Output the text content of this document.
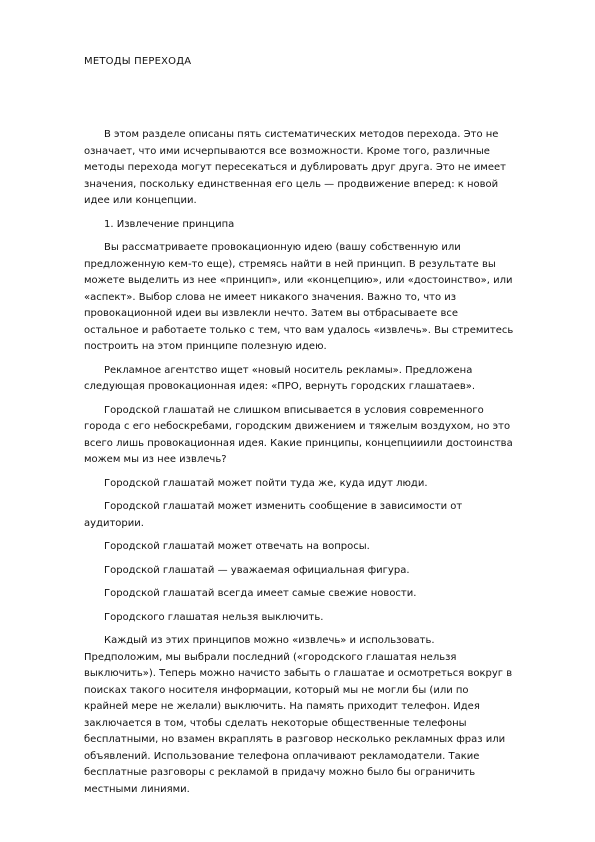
МЕТОДЫ ПЕРЕХОДА

В этом разделе описаны пять систематических методов перехода. Это не означает, что ими исчерпываются все возможности. Кроме того, различные методы перехода могут пересекаться и дублировать друг друга. Это не имеет значения, поскольку единственная его цель — продвижение вперед: к новой идее или концепции.

1. Извлечение принципа

Вы рассматриваете провокационную идею (вашу собственную или предложенную кем-то еще), стремясь найти в ней принцип. В результате вы можете выделить из нее «принцип», или «концепцию», или «достоинство», или «аспект». Выбор слова не имеет никакого значения. Важно то, что из провокационной идеи вы извлекли нечто. Затем вы отбрасываете все остальное и работаете только с тем, что вам удалось «извлечь». Вы стремитесь построить на этом принципе полезную идею.

Рекламное агентство ищет «новый носитель рекламы». Предложена следующая провокационная идея: «ПРО, вернуть городских глашатаев».

Городской глашатай не слишком вписывается в условия современного города с его небоскребами, городским движением и тяжелым воздухом, но это всего лишь провокационная идея. Какие принципы, концепцииили достоинства можем мы из нее извлечь?

Городской глашатай может пойти туда же, куда идут люди.

Городской глашатай может изменить сообщение в зависимости от аудитории.

Городской глашатай может отвечать на вопросы.

Городской глашатай — уважаемая официальная фигура.

Городской глашатай всегда имеет самые свежие новости.

Городского глашатая нельзя выключить.

Каждый из этих принципов можно «извлечь» и использовать. Предположим, мы выбрали последний («городского глашатая нельзя выключить»). Теперь можно начисто забыть о глашатае и осмотреться вокруг в поисках такого носителя информации, который мы не могли бы (или по крайней мере не желали) выключить. На память приходит телефон. Идея заключается в том, чтобы сделать некоторые общественные телефоны бесплатными, но взамен вкраплять в разговор несколько рекламных фраз или объявлений. Использование телефона оплачивают рекламодатели. Такие бесплатные разговоры с рекламой в придачу можно было бы ограничить местными линиями.
